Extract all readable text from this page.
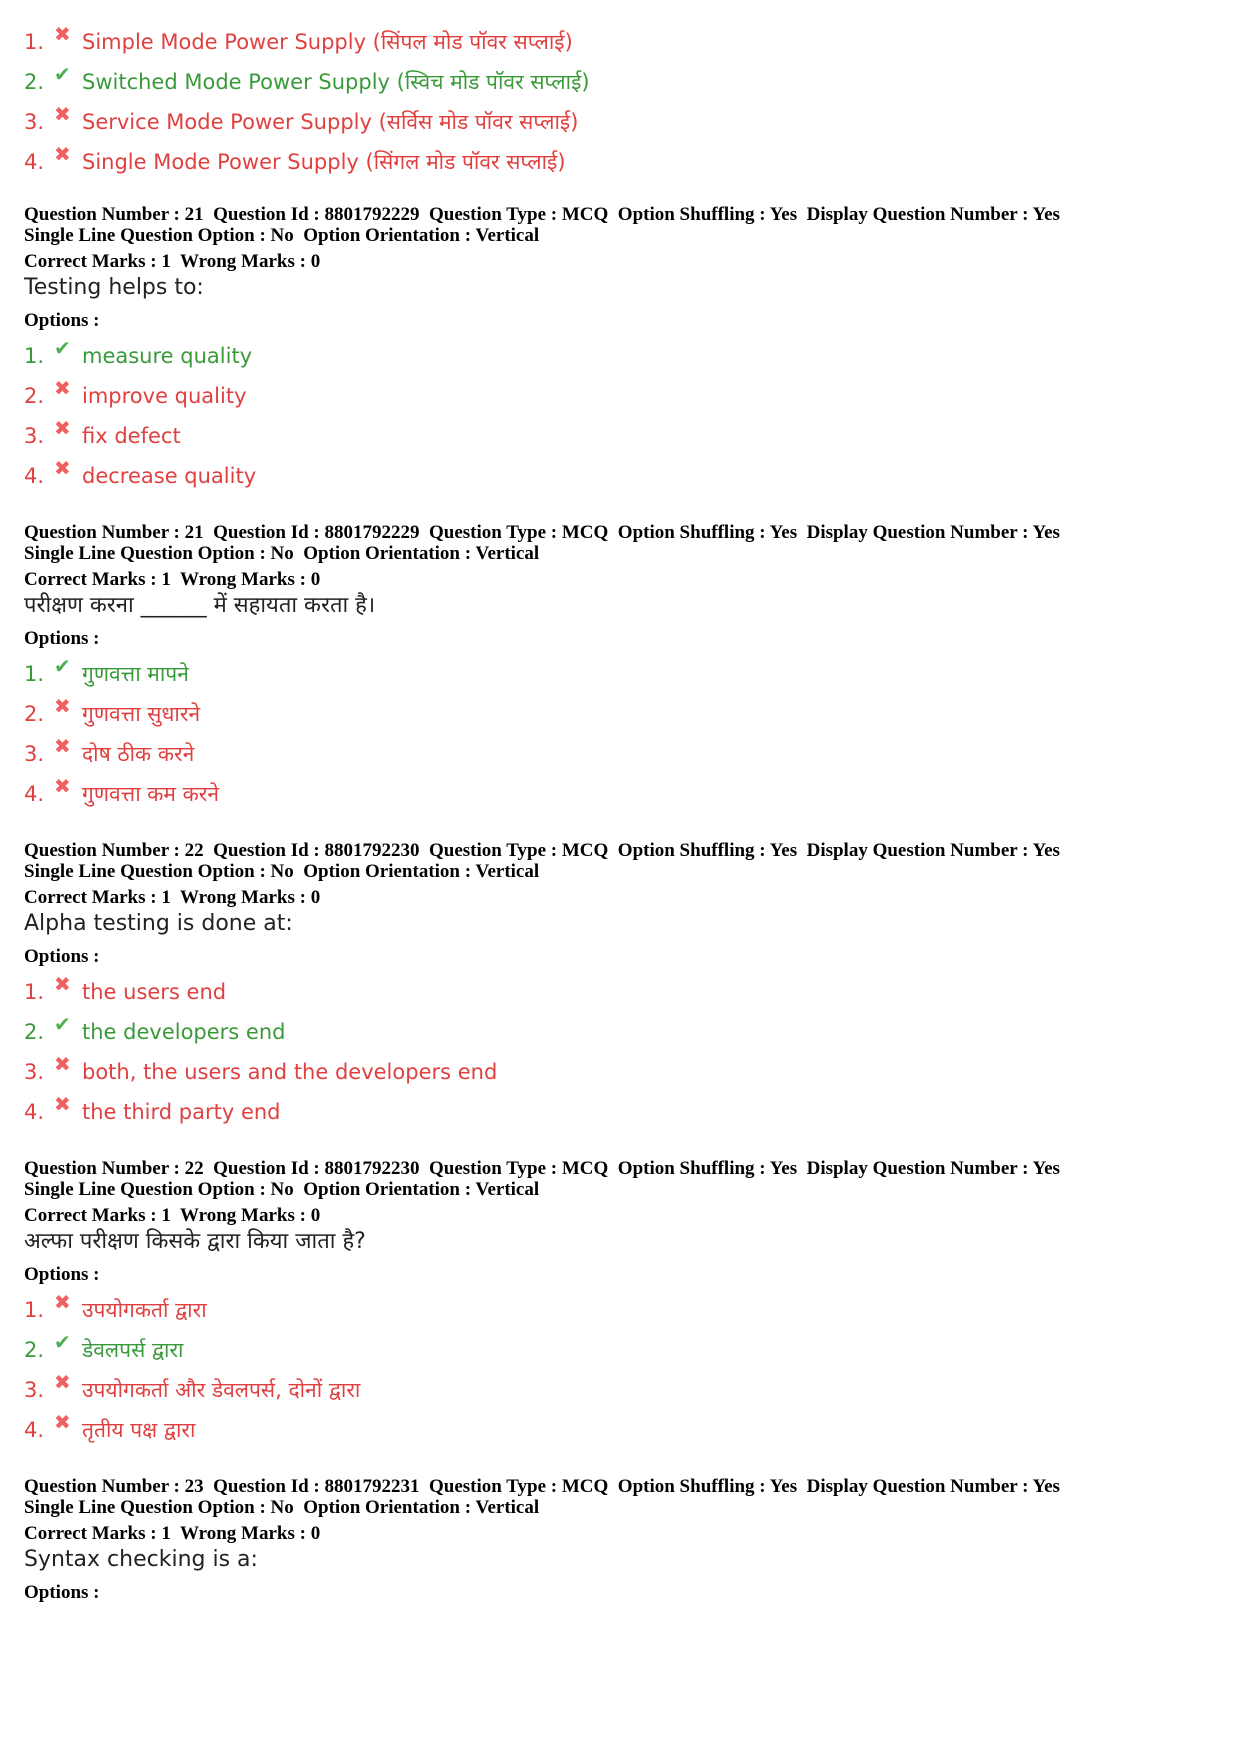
1. ✖ Simple Mode Power Supply (सिंपल मोड पॉवर सप्लाई)
2. ✔ Switched Mode Power Supply (स्विच मोड पॉवर सप्लाई)
3. ✖ Service Mode Power Supply (सर्विस मोड पॉवर सप्लाई)
4. ✖ Single Mode Power Supply (सिंगल मोड पॉवर सप्लाई)
Question Number : 21  Question Id : 8801792229  Question Type : MCQ  Option Shuffling : Yes  Display Question Number : Yes
Single Line Question Option : No  Option Orientation : Vertical
Correct Marks : 1  Wrong Marks : 0
Testing helps to:
Options :
1. ✔ measure quality
2. ✖ improve quality
3. ✖ fix defect
4. ✖ decrease quality
Question Number : 21  Question Id : 8801792229  Question Type : MCQ  Option Shuffling : Yes  Display Question Number : Yes
Single Line Question Option : No  Option Orientation : Vertical
Correct Marks : 1  Wrong Marks : 0
परीक्षण करना ______ में सहायता करता है।
Options :
1. ✔ गुणवत्ता मापने
2. ✖ गुणवत्ता सुधारने
3. ✖ दोष ठीक करने
4. ✖ गुणवत्ता कम करने
Question Number : 22  Question Id : 8801792230  Question Type : MCQ  Option Shuffling : Yes  Display Question Number : Yes
Single Line Question Option : No  Option Orientation : Vertical
Correct Marks : 1  Wrong Marks : 0
Alpha testing is done at:
Options :
1. ✖ the users end
2. ✔ the developers end
3. ✖ both, the users and the developers end
4. ✖ the third party end
Question Number : 22  Question Id : 8801792230  Question Type : MCQ  Option Shuffling : Yes  Display Question Number : Yes
Single Line Question Option : No  Option Orientation : Vertical
Correct Marks : 1  Wrong Marks : 0
अल्फा परीक्षण किसके द्वारा किया जाता है?
Options :
1. ✖ उपयोगकर्ता द्वारा
2. ✔ डेवलपर्स द्वारा
3. ✖ उपयोगकर्ता और डेवलपर्स, दोनों द्वारा
4. ✖ तृतीय पक्ष द्वारा
Question Number : 23  Question Id : 8801792231  Question Type : MCQ  Option Shuffling : Yes  Display Question Number : Yes
Single Line Question Option : No  Option Orientation : Vertical
Correct Marks : 1  Wrong Marks : 0
Syntax checking is a:
Options :
